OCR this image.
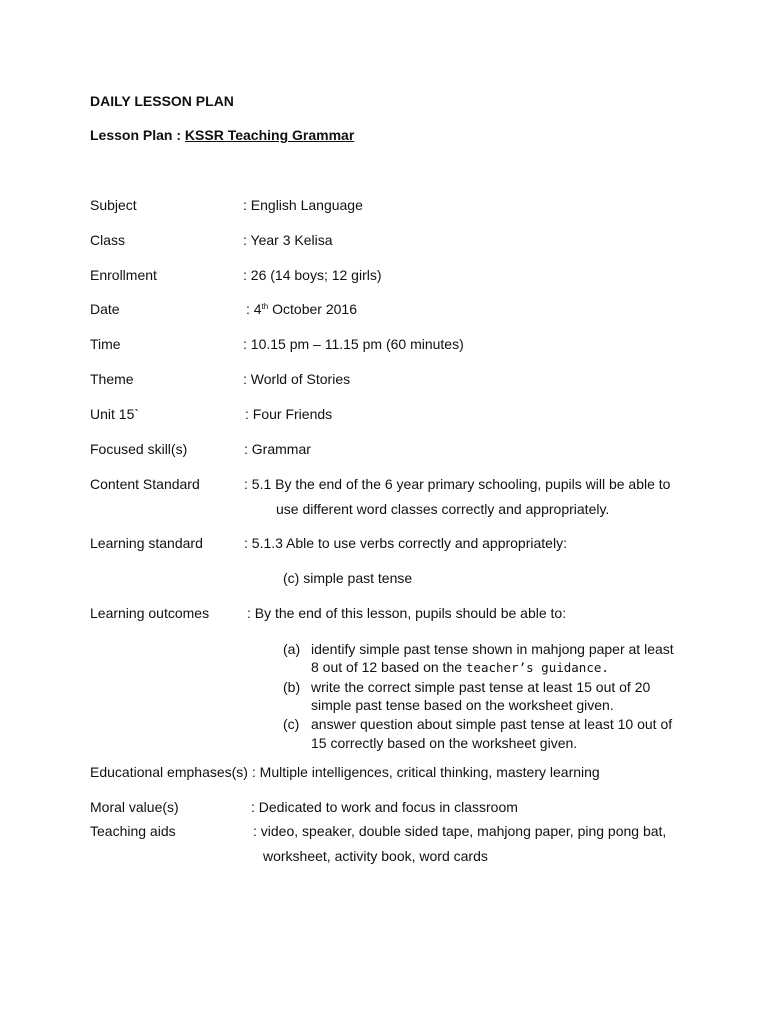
DAILY LESSON PLAN
Lesson Plan : KSSR Teaching Grammar
Subject	: English Language
Class	: Year 3 Kelisa
Enrollment	: 26 (14 boys; 12 girls)
Date	: 4th October 2016
Time	: 10.15 pm – 11.15 pm (60 minutes)
Theme	: World of Stories
Unit 15`	: Four Friends
Focused skill(s)	: Grammar
Content Standard	: 5.1 By the end of the 6 year primary schooling, pupils will be able to
use different word classes correctly and appropriately.
Learning standard	: 5.1.3 Able to use verbs correctly and appropriately:
(c) simple past tense
Learning outcomes	: By the end of this lesson, pupils should be able to:
(a) identify simple past tense shown in mahjong paper at least
8 out of 12 based on the teacher’s guidance.
(b) write the correct simple past tense at least 15 out of 20
simple past tense based on the worksheet given.
(c) answer question about simple past tense at least 10 out of
15 correctly based on the worksheet given.
Educational emphases(s) : Multiple intelligences, critical thinking, mastery learning
Moral value(s)	: Dedicated to work and focus in classroom
Teaching aids	: video, speaker, double sided tape, mahjong paper, ping pong bat,
worksheet, activity book, word cards
